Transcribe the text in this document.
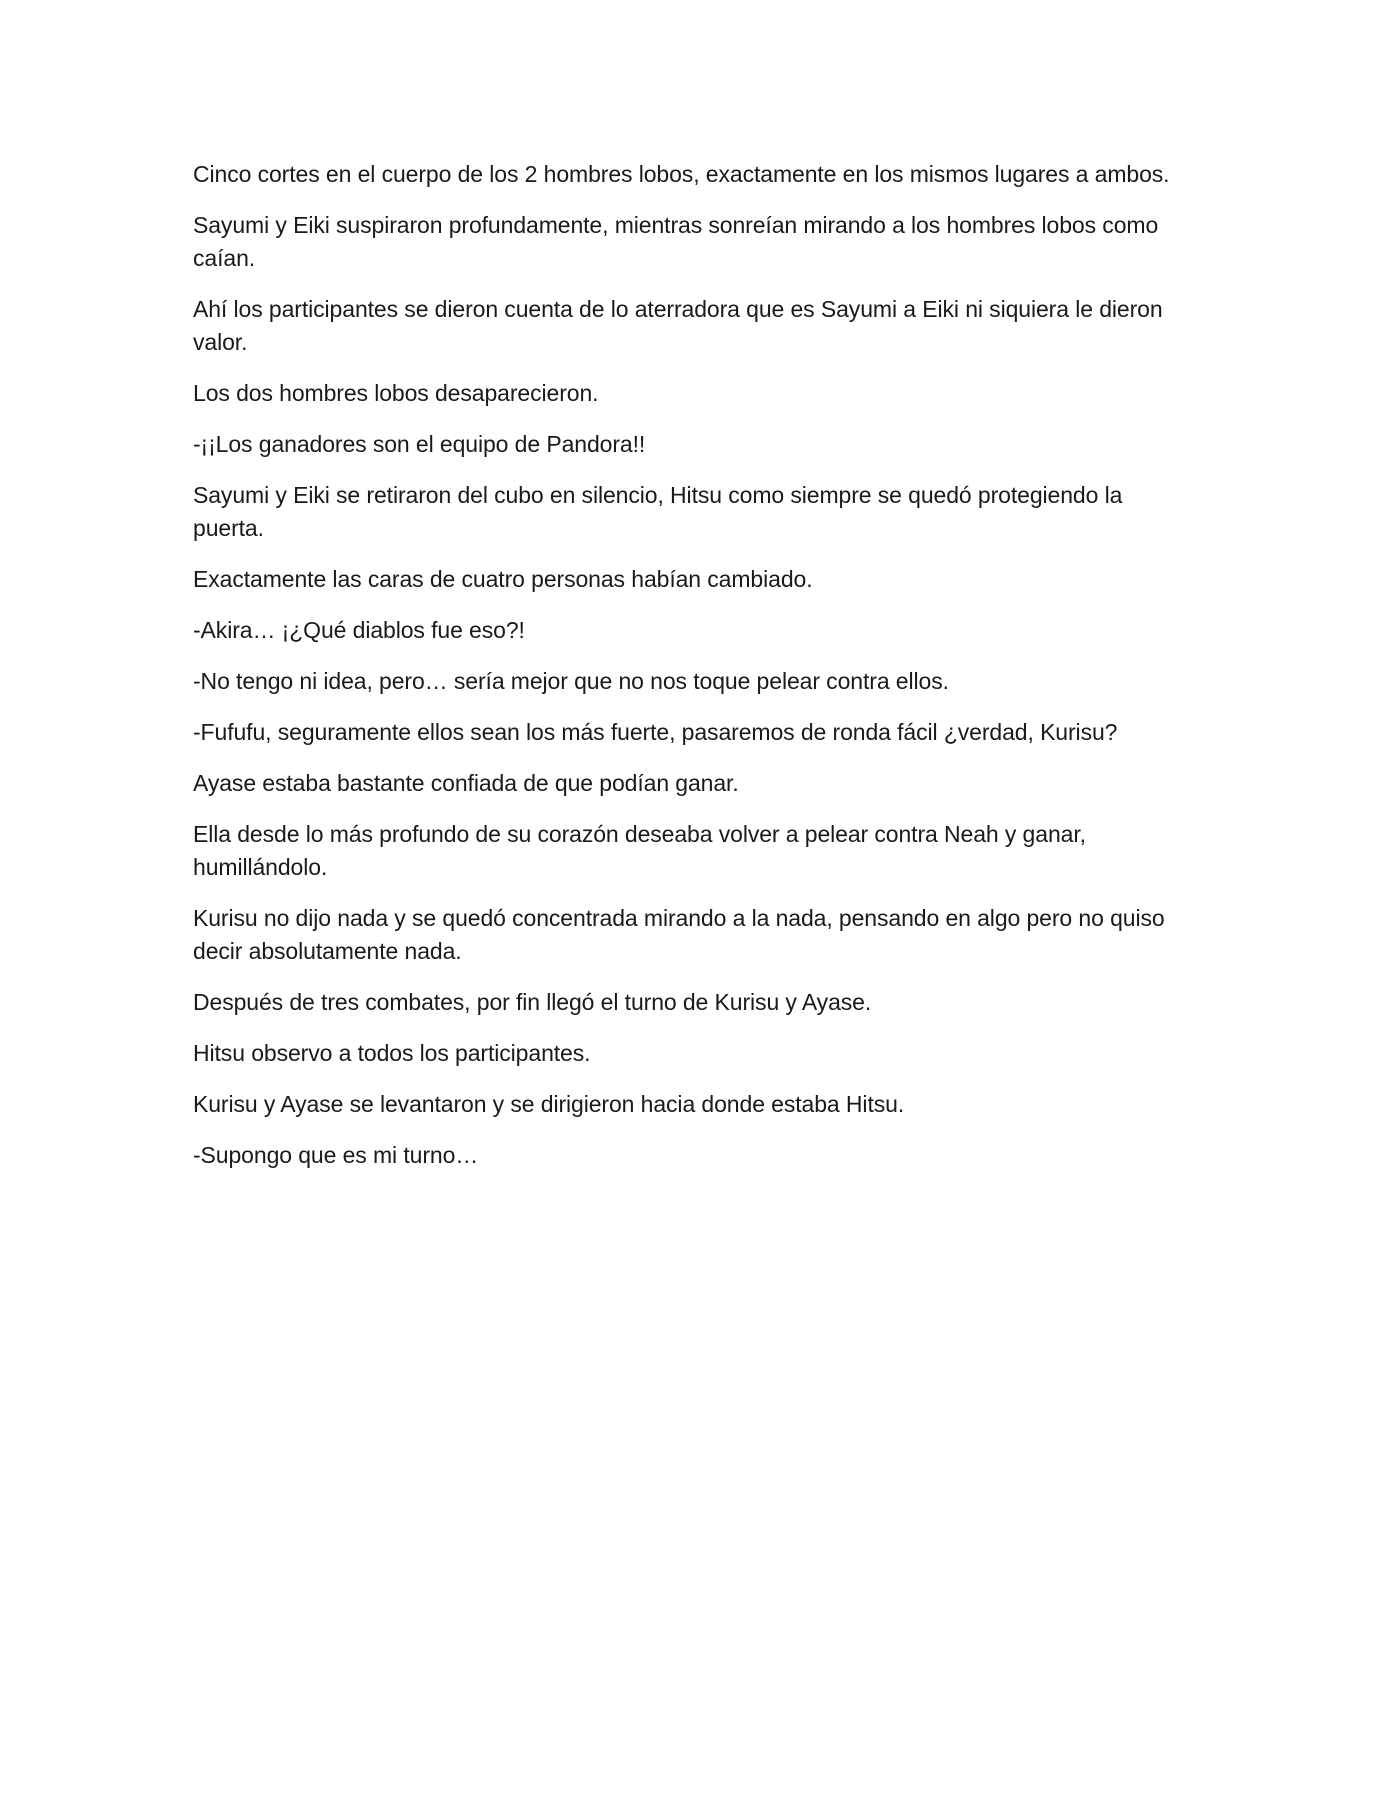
Cinco cortes en el cuerpo de los 2 hombres lobos, exactamente en los mismos lugares a ambos.

Sayumi y Eiki suspiraron profundamente, mientras sonreían mirando a los hombres lobos como caían.

Ahí los participantes se dieron cuenta de lo aterradora que es Sayumi a Eiki ni siquiera le dieron valor.

Los dos hombres lobos desaparecieron.

-¡¡Los ganadores son el equipo de Pandora!!

Sayumi y Eiki se retiraron del cubo en silencio, Hitsu como siempre se quedó protegiendo la puerta.

Exactamente las caras de cuatro personas habían cambiado.

-Akira… ¡¿Qué diablos fue eso?!

-No tengo ni idea, pero… sería mejor que no nos toque pelear contra ellos.

-Fufufu, seguramente ellos sean los más fuerte, pasaremos de ronda fácil ¿verdad, Kurisu?

Ayase estaba bastante confiada de que podían ganar.

Ella desde lo más profundo de su corazón deseaba volver a pelear contra Neah y ganar, humillándolo.

Kurisu no dijo nada y se quedó concentrada mirando a la nada, pensando en algo pero no quiso decir absolutamente nada.

Después de tres combates, por fin llegó el turno de Kurisu y Ayase.

Hitsu observo a todos los participantes.

Kurisu y Ayase se levantaron y se dirigieron hacia donde estaba Hitsu.

-Supongo que es mi turno…
